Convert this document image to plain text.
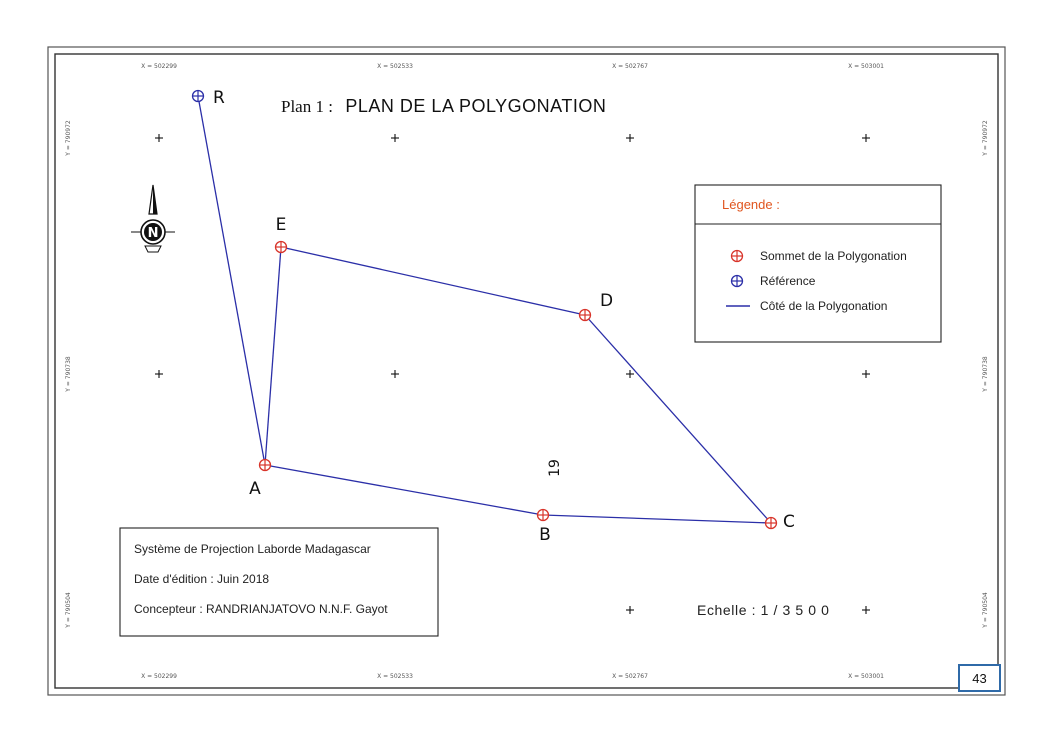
X = 502299	X = 502533	X = 502767	X = 503001
X = 502299	X = 502533	X = 502767	X = 503001
Y = 790972
Y = 790738
Y = 790504
Y = 790972
Y = 790738
Y = 790504
Plan 1 : PLAN DE LA POLYGONATION
N
A
B
C
D
E
R
19
Légende :
Sommet de la Polygonation
Référence
Côté de la Polygonation
Système de Projection Laborde Madagascar
Date d'édition : Juin 2018
Concepteur : RANDRIANJATOVO N.N.F. Gayot	Echelle : 1 / 3 5 0 0
43
